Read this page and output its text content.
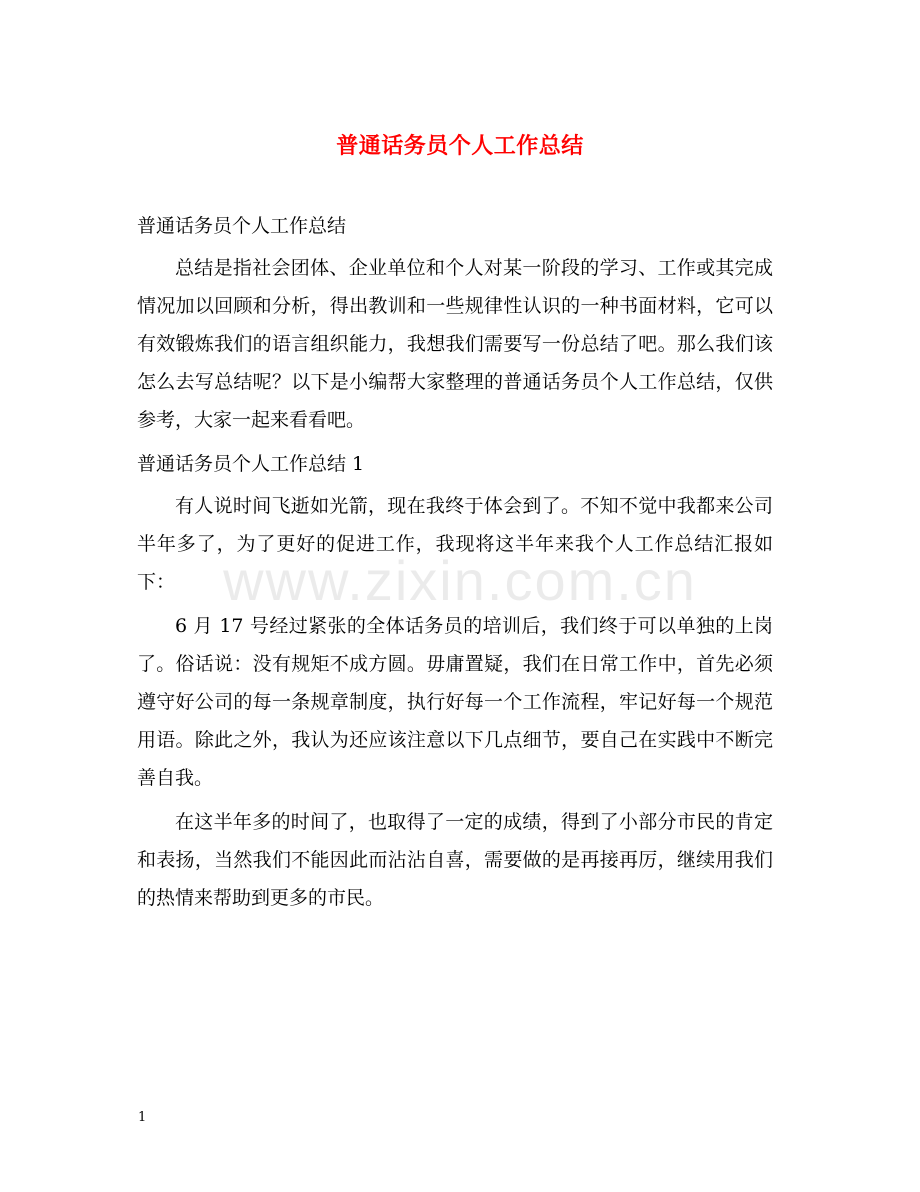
普通话务员个人工作总结
www.zixin.com.cn

普通话务员个人工作总结

总结是指社会团体、企业单位和个人对某一阶段的学习、工作或其完成情况加以回顾和分析，得出教训和一些规律性认识的一种书面材料，它可以有效锻炼我们的语言组织能力，我想我们需要写一份总结了吧。那么我们该怎么去写总结呢？以下是小编帮大家整理的普通话务员个人工作总结，仅供参考，大家一起来看看吧。

普通话务员个人工作总结 1

有人说时间飞逝如光箭，现在我终于体会到了。不知不觉中我都来公司半年多了，为了更好的促进工作，我现将这半年来我个人工作总结汇报如下：

6 月 17 号经过紧张的全体话务员的培训后，我们终于可以单独的上岗了。俗话说：没有规矩不成方圆。毋庸置疑，我们在日常工作中，首先必须遵守好公司的每一条规章制度，执行好每一个工作流程，牢记好每一个规范用语。除此之外，我认为还应该注意以下几点细节，要自己在实践中不断完善自我。

在这半年多的时间了，也取得了一定的成绩，得到了小部分市民的肯定和表扬，当然我们不能因此而沾沾自喜，需要做的是再接再厉，继续用我们的热情来帮助到更多的市民。

1
